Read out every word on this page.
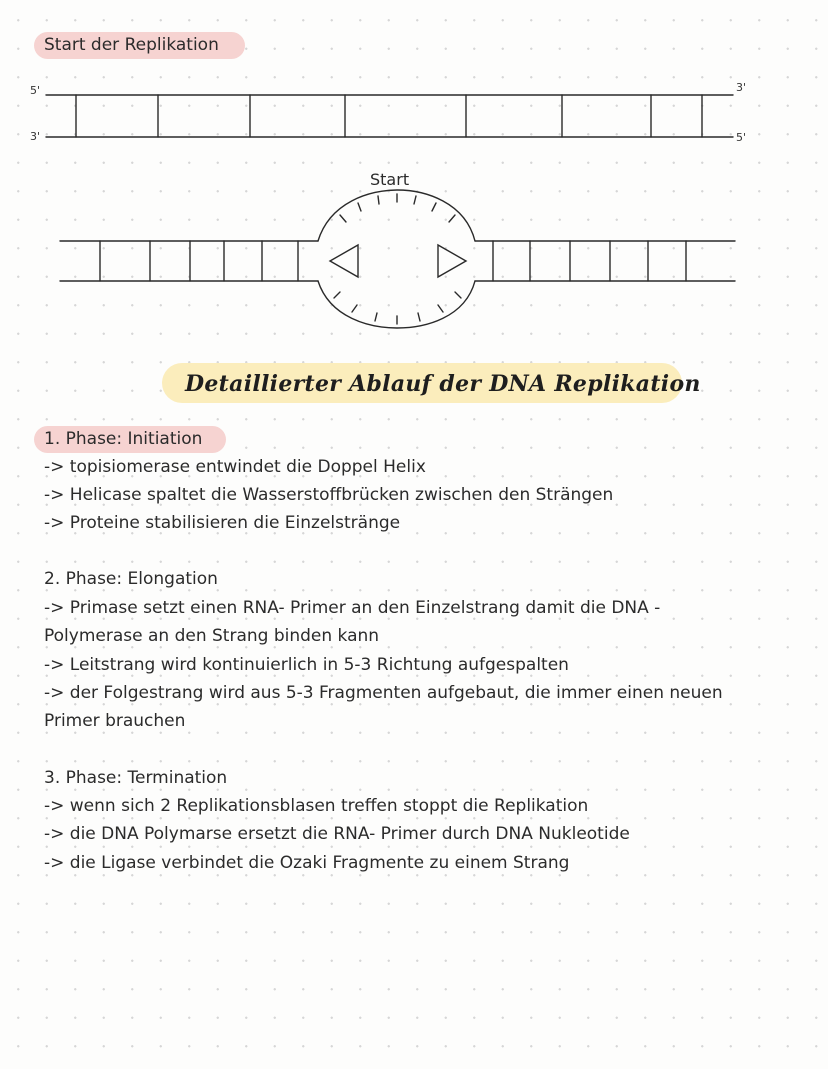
Start der Replikation
5'	3'
3'	5'
Start
Detaillierter Ablauf der DNA Replikation
1. Phase: Initiation
-> topisiomerase entwindet die Doppel Helix
-> Helicase spaltet die Wasserstoffbrücken zwischen den Strängen
-> Proteine stabilisieren die Einzelstränge
2. Phase: Elongation
-> Primase setzt einen RNA- Primer an den Einzelstrang damit die DNA -
Polymerase an den Strang binden kann
-> Leitstrang wird kontinuierlich in 5-3 Richtung aufgespalten
-> der Folgestrang wird aus 5-3 Fragmenten aufgebaut, die immer einen neuen
Primer brauchen
3. Phase: Termination
-> wenn sich 2 Replikationsblasen treffen stoppt die Replikation
-> die DNA Polymarse ersetzt die RNA- Primer durch DNA Nukleotide
-> die Ligase verbindet die Ozaki Fragmente zu einem Strang
